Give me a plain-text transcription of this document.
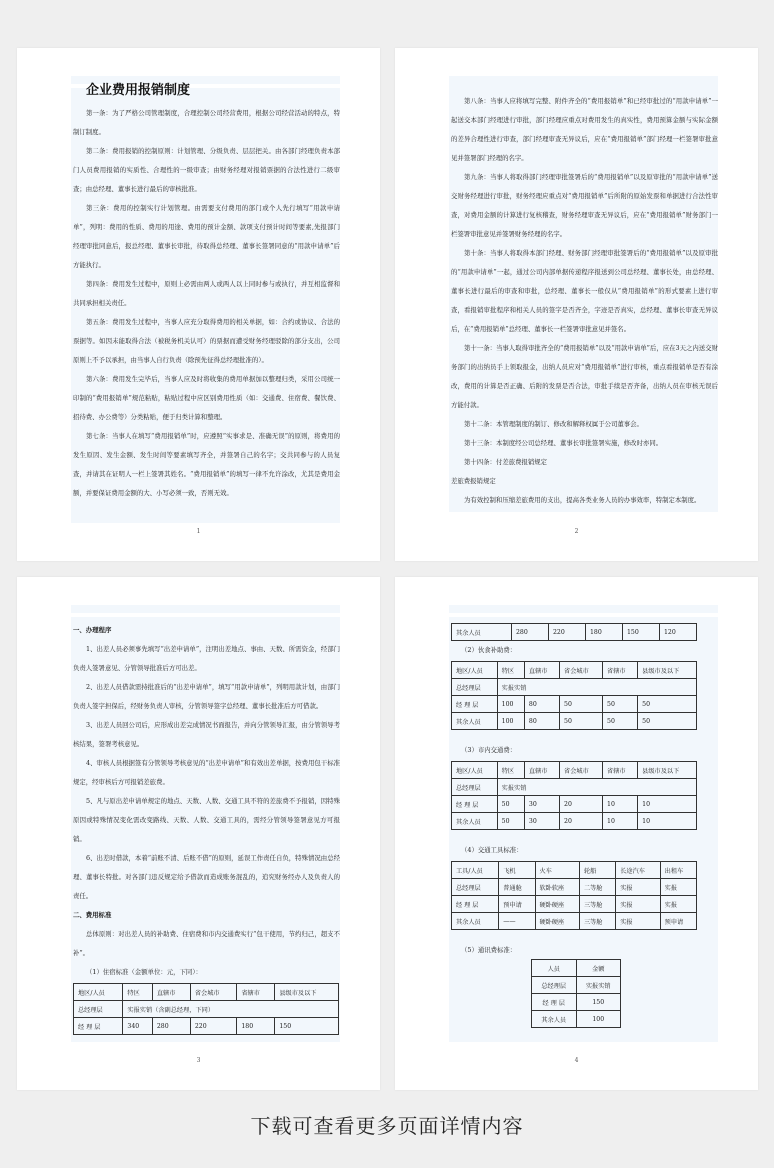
企业费用报销制度

第一条：为了严格公司管理制度，合理控制公司经营费用，根据公司经营活动的特点，特制订制度。

第二条：费用报销的控制原则：计划管理、分级负责、层层把关。由各部门经理负责本部门人员费用报销的实质性、合理性的一级审查；由财务经理对报销票据的合法性进行二级审查；由总经理、董事长进行最后的审核批准。

第三条：费用的控制实行计划管理。由需要支付费用的部门或个人先行填写“用款申请单”，列明：费用的性质、费用的用途、费用的预计金额、款项支付预计时间等要素,先报部门经理审批同意后，报总经理、董事长审批，待取得总经理、董事长签署同意的“用款申请单”后方能执行。

第四条：费用发生过程中，原则上必需由两人或两人以上同时参与或执行，并互相监督和共同承担相关责任。

第五条：费用发生过程中，当事人应充分取得费用的相关单据，如：合约或协议、合法的票据等。如因未能取得合法（被税务机关认可）的票据而遭受财务经理驳除的部分支出，公司原则上不予以承担，由当事人自行负责（除预先征得总经理批准的）。

第六条：费用发生完毕后，当事人应及时将收集的费用单据加以整理归类，采用公司统一印制的“费用报销单”规范粘贴，粘贴过程中应区别费用性质（如：交通费、住宿费、餐饮费、招待费、办公费等）分类粘贴，便于归类计算和整理。

第七条：当事人在填写“费用报销单”时，应遵照“实事求是、准确无误”的原则，将费用的发生原因、发生金额、发生时间等要素填写齐全，并签署自己的名字；交共同参与的人员复查，并请其在证明人一栏上签署其姓名。“费用报销单”的填写一律不允许涂改，尤其是费用金额，并要保证费用金额的大、小写必须一致，否则无效。

1

第八条：当事人应将填写完整、附件齐全的“费用报销单”和已经审批过的“用款申请单”一起送交本部门经理进行审批，部门经理应重点对费用发生的真实性，费用预算金额与实际金额的差异合理性进行审查，部门经理审查无异议后，应在“费用报销单”部门经理一栏签署审批意见并签署部门经理的名字。

第九条：当事人将取得部门经理审批签署后的“费用报销单”以及原审批的“用款申请单”送交财务经理进行审批，财务经理应重点对“费用报销单”后所附的原始发票和单据进行合法性审查，对费用金额的计算进行复核稽查，财务经理审查无异议后，应在“费用报销单”财务部门一栏签署审批意见并签署财务经理的名字。

第十条：当事人将取得本部门经理、财务部门经理审批签署后的“费用报销单”以及原审批的“用款申请单”一起，通过公司内部单据传递程序报送到公司总经理、董事长处，由总经理、董事长进行最后的审查和审批，总经理、董事长一般仅从“费用报销单”的形式要素上进行审查，看报销审批程序和相关人员的签字是否齐全，字迹是否真实，总经理、董事长审查无异议后，在“费用报销单”总经理、董事长一栏签署审批意见并签名。

第十一条：当事人取得审批齐全的“费用报销单”以及“用款申请单”后，应在3天之内送交财务部门的出纳员手上领取报金，出纳人员应对“费用报销单”进行审核，重点看报销单是否有涂改，费用的计算是否正确、后附的发票是否合法，审批手续是否齐备，出纳人员在审核无误后方能付款。

第十二条：本管理制度的制订、修改和解释权属于公司董事会。

第十三条：本制度经公司总经理、董事长审批签署实施，修改时亦同。

第十四条：付差旅费报销规定

差旅费报销规定

为有效控制和压缩差旅费用的支出，提高各类业务人员的办事效率，特制定本制度。

2

一、办理程序

1、出差人员必须事先填写“出差申请单”，注明出差地点、事由、天数、所需资金，经部门负责人签署意见、分管领导批准后方可出差。

2、出差人员借款需持批准后的“出差申请单”，填写“用款申请单”，列明用款计划，由部门负责人签字担保后，经财务负责人审核，分管领导签字总经理、董事长批准后方可借款。

3、出差人员回公司后，应形成出差完成情况书面报告，并向分管领导汇报，由分管领导考核结果，签署考核意见。

4、审核人员根据签有分管领导考核意见的“出差申请单”和有效出差单据，按费用包干标准规定，经审核后方可报销差旅费。

5、凡与原出差申请单规定的地点、天数、人数、交通工具不符的差旅费不予报销，因特殊原因或特殊情况变化需改变路线、天数、人数、交通工具的，需经分管领导签署意见方可报销。

6、出差时借款，本着“前账不清、后账不借”的原则，延误工作责任自负，特殊情况由总经理、董事长特批。对各部门违反规定给予借款而造成账务混乱的，追究财务经办人及负责人的责任。

二、费用标准

总体原则：对出差人员的补助费、住宿费和市内交通费实行“包干使用，节约归己，超支不补”。

（1）住宿标准（金额单位：元，下同）：

地区/人员	特区	直辖市	省会城市	省辖市	县级市及以下
总经理层	实报实销（含副总经理，下同）				
经 理 层	340	280	220	180	150
3
其余人员	280	220	180	150	120
（2）伙食补助费：
地区/人员	特区	直辖市	省会城市	省辖市	县级市及以下
总经理层	实报实销				
经 理 层	100	80	50	50	50
其余人员	100	80	50	50	50
（3）市内交通费：
地区/人员	特区	直辖市	省会城市	省辖市	县级市及以下
总经理层	实报实销				
经 理 层	50	30	20	10	10
其余人员	50	30	20	10	10
（4）交通工具标准：
工具/人员	飞机	火车	轮船	长途汽车	出租车
总经理层	普通舱	软卧软座	二等舱	实报	实报
经 理 层	预申请	硬卧硬座	三等舱	实报	实报
其余人员	——	硬卧硬座	三等舱	实报	预申请
（5）通讯费标准：
人员	金额
总经理层	实报实销
经 理 层	150
其余人员	100
4
下载可查看更多页面详情内容
